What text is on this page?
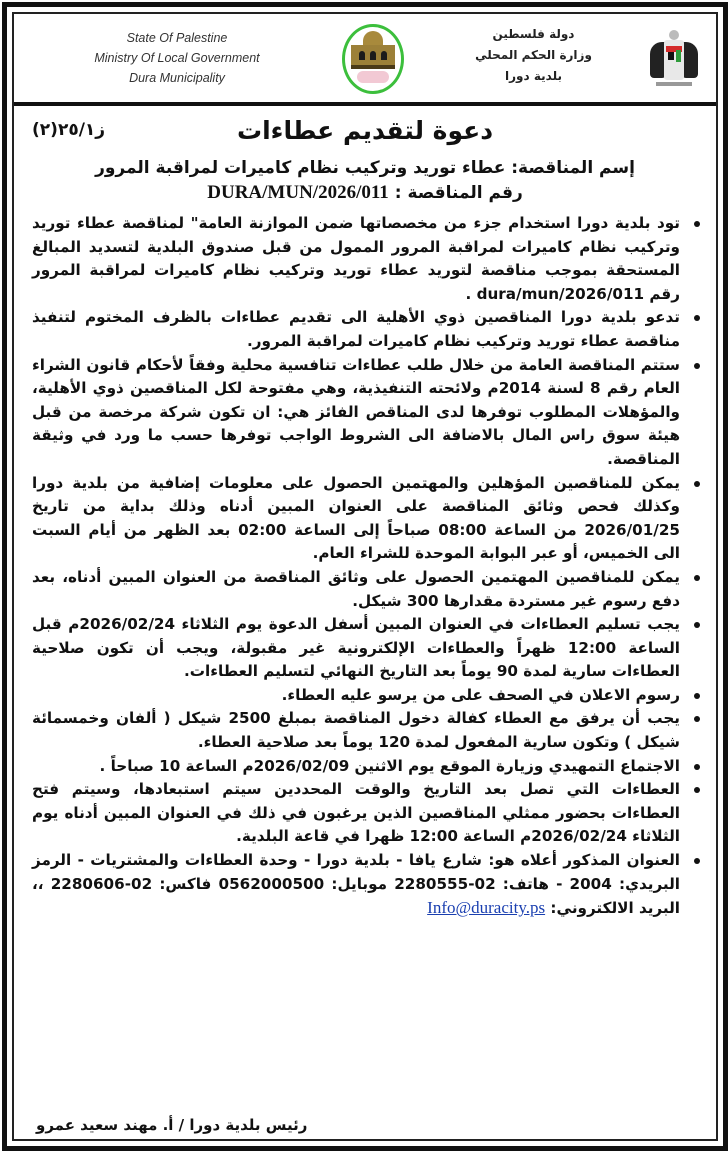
State Of Palestine
Ministry Of Local Government
Dura Municipality
دولة فلسطين
وزارة الحكم المحلي
بلدية دورا
دعوة لتقديم عطاءات
ز٢٥/١(٢)
إسم المناقصة: عطاء توريد وتركيب نظام كاميرات لمراقبة المرور
رقم المناقصة : DURA/MUN/2026/011
تود بلدية دورا استخدام جزء من مخصصاتها ضمن الموازنة العامة" لمناقصة عطاء توريد وتركيب نظام كاميرات لمراقبة المرور الممول من قبل صندوق البلدية لتسديد المبالغ المستحقة بموجب مناقصة لتوريد عطاء توريد وتركيب نظام كاميرات لمراقبة المرور رقم dura/mun/2026/011 .
تدعو بلدية دورا المناقصين ذوي الأهلية الى تقديم عطاءات بالظرف المختوم لتنفيذ مناقصة عطاء توريد وتركيب نظام كاميرات لمراقبة المرور.
ستتم المناقصة العامة من خلال طلب عطاءات تنافسية محلية وفقاً لأحكام قانون الشراء العام رقم 8 لسنة 2014م ولائحته التنفيذية، وهي مفتوحة لكل المناقصين ذوي الأهلية، والمؤهلات المطلوب توفرها لدى المناقص الفائز هي: ان تكون شركة مرخصة من قبل هيئة سوق راس المال بالاضافة الى الشروط الواجب توفرها حسب ما ورد في وثيقة المناقصة.
يمكن للمناقصين المؤهلين والمهتمين الحصول على معلومات إضافية من بلدية دورا وكذلك فحص وثائق المناقصة على العنوان المبين أدناه وذلك بداية من تاريخ 2026/01/25 من الساعة 08:00 صباحاً إلى الساعة 02:00 بعد الظهر من أيام السبت الى الخميس، أو عبر البوابة الموحدة للشراء العام.
يمكن للمناقصين المهتمين الحصول على وثائق المناقصة من العنوان المبين أدناه، بعد دفع رسوم غير مستردة مقدارها 300 شيكل.
يجب تسليم العطاءات في العنوان المبين أسفل الدعوة يوم الثلاثاء 2026/02/24م قبل الساعة 12:00 ظهراً والعطاءات الإلكترونية غير مقبولة، ويجب أن تكون صلاحية العطاءات سارية لمدة 90 يوماً بعد التاريخ النهائي لتسليم العطاءات.
رسوم الاعلان في الصحف على من يرسو عليه العطاء.
يجب أن يرفق مع العطاء كفالة دخول المناقصة بمبلغ 2500 شيكل ( ألفان وخمسمائة شيكل ) وتكون سارية المفعول لمدة 120 يوماً بعد صلاحية العطاء.
الاجتماع التمهيدي وزيارة الموقع يوم الاثنين 2026/02/09م الساعة 10 صباحاً .
العطاءات التي تصل بعد التاريخ والوقت المحددين سيتم استبعادها، وسيتم فتح العطاءات بحضور ممثلي المناقصين الذين يرغبون في ذلك في العنوان المبين أدناه يوم الثلاثاء 2026/02/24م الساعة 12:00 ظهرا في قاعة البلدية.
العنوان المذكور أعلاه هو: شارع يافا - بلدية دورا - وحدة العطاءات والمشتريات - الرمز البريدي: 2004 - هاتف: 02-2280555 موبايل: 0562000500 فاكس: 02-2280606 ،، البريد الالكتروني: Info@duracity.ps
رئيس بلدية دورا / أ. مهند سعيد عمرو
